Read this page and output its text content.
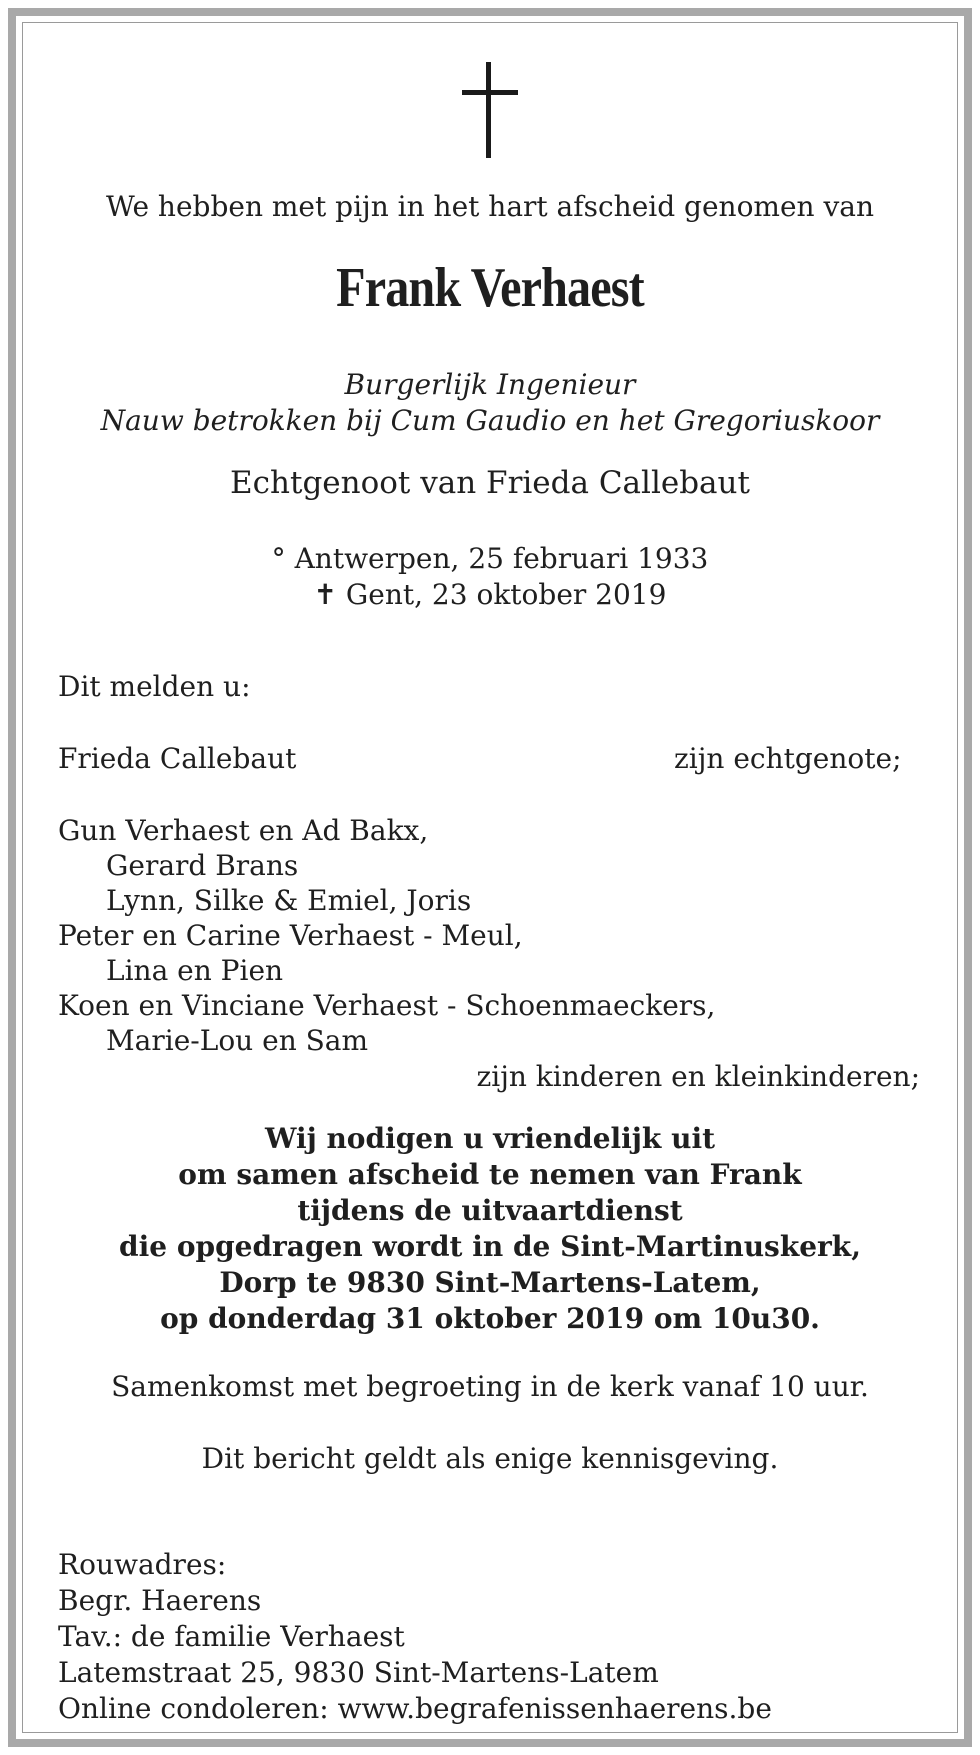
We hebben met pijn in het hart afscheid genomen van
Frank Verhaest
Burgerlijk Ingenieur
Nauw betrokken bij Cum Gaudio en het Gregoriuskoor
Echtgenoot van Frieda Callebaut
° Antwerpen, 25 februari 1933
✝ Gent, 23 oktober 2019
Dit melden u:
Frieda Callebaut	zijn echtgenote;
Gun Verhaest en Ad Bakx,
Gerard Brans
Lynn, Silke & Emiel, Joris
Peter en Carine Verhaest - Meul,
Lina en Pien
Koen en Vinciane Verhaest - Schoenmaeckers,
Marie-Lou en Sam
zijn kinderen en kleinkinderen;
Wij nodigen u vriendelijk uit
om samen afscheid te nemen van Frank
tijdens de uitvaartdienst
die opgedragen wordt in de Sint-Martinuskerk,
Dorp te 9830 Sint-Martens-Latem,
op donderdag 31 oktober 2019 om 10u30.
Samenkomst met begroeting in de kerk vanaf 10 uur.
Dit bericht geldt als enige kennisgeving.
Rouwadres:
Begr. Haerens
Tav.: de familie Verhaest
Latemstraat 25, 9830 Sint-Martens-Latem
Online condoleren: www.begrafenissenhaerens.be
